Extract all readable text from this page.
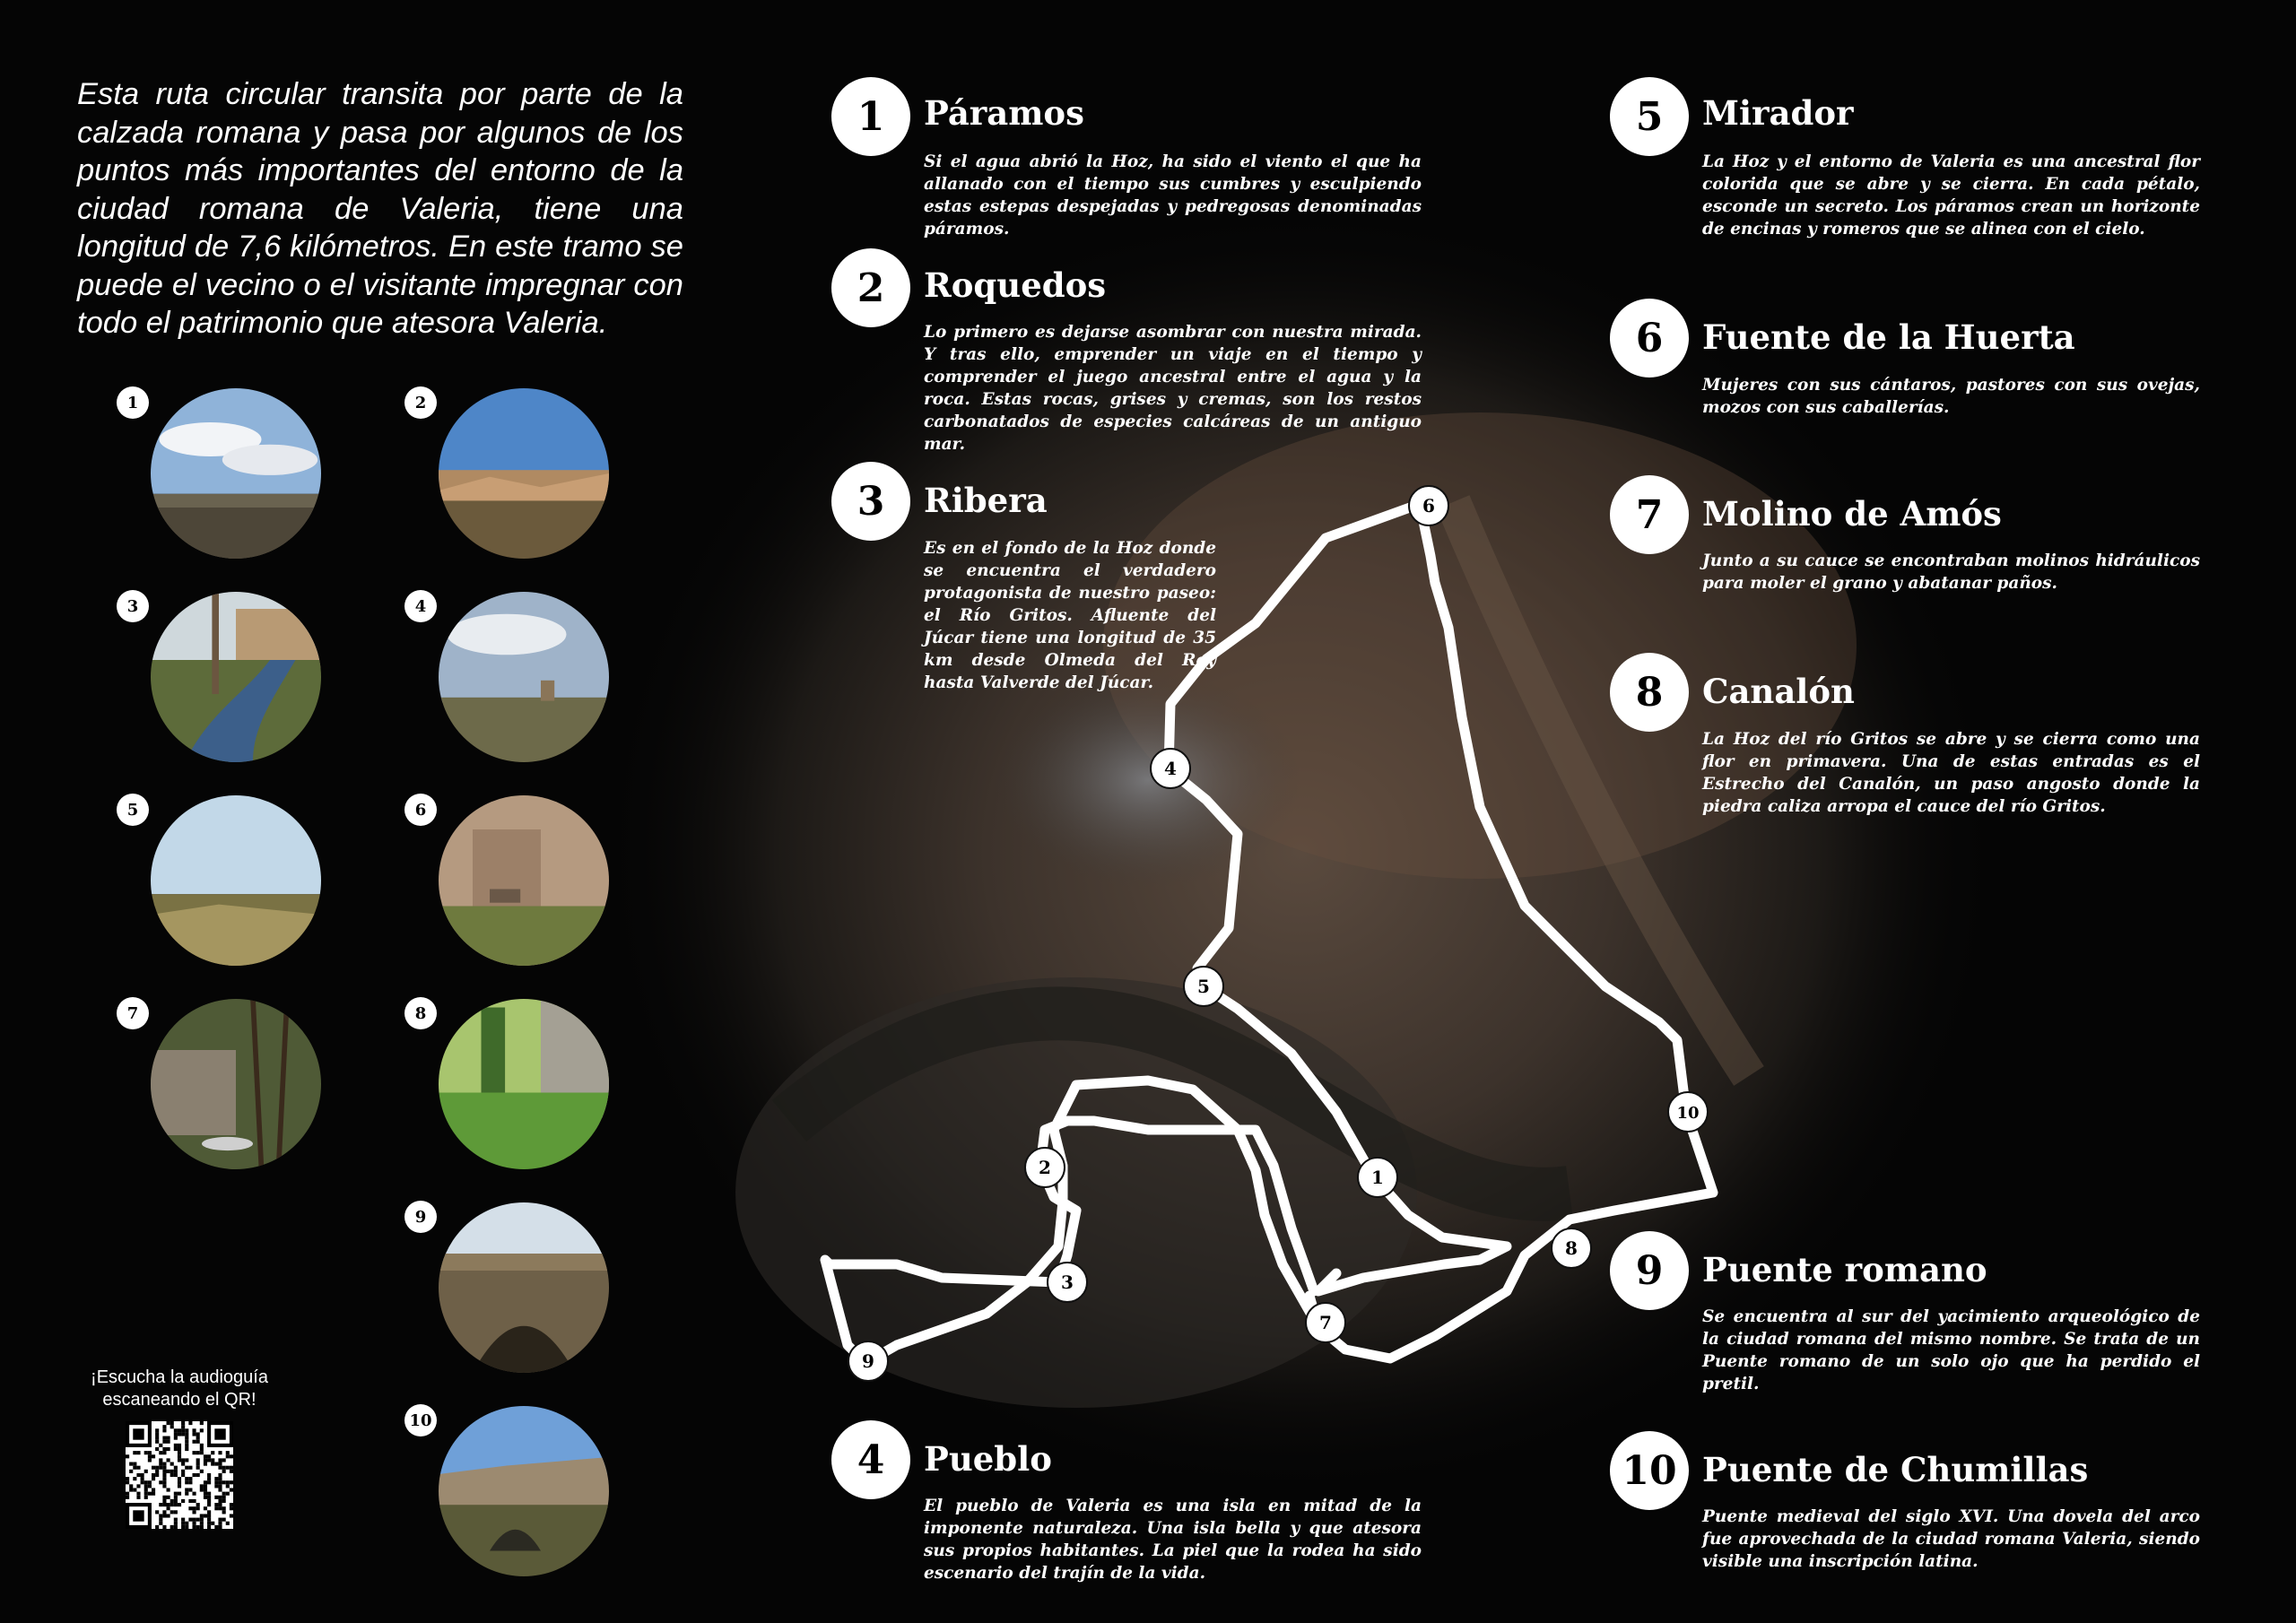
1
2
3
4
5
6
7
8
9
10

Esta ruta circular transita por parte de la calzada romana y pasa por algunos de los puntos más importantes del entorno de la ciudad romana de Valeria, tiene una longitud de 7,6 kilómetros. En este tramo se puede el vecino o el visitante impregnar con todo el patrimonio que atesora Valeria.

1	2
3	4
5	6
7	8
9
10
¡Escucha la audioguía
escaneando el QR!
1	Páramos

Si el agua abrió la Hoz, ha sido el viento el que ha allanado con el tiempo sus cumbres y esculpiendo estas estepas despejadas y pedregosas denominadas páramos.

2	Roquedos

Lo primero es dejarse asombrar con nuestra mirada. Y tras ello, emprender un viaje en el tiempo y comprender el juego ancestral entre el agua y la roca. Estas rocas, grises y cremas, son los restos carbonatados de especies calcáreas de un antiguo mar.

3	Ribera

Es en el fondo de la Hoz donde se encuentra el verdadero protagonista de nuestro paseo: el Río Gritos. Afluente del Júcar tiene una longitud de 35 km desde Olmeda del Rey hasta Valverde del Júcar.

4	Pueblo

El pueblo de Valeria es una isla en mitad de la imponente naturaleza. Una isla bella y que atesora sus propios habitantes. La piel que la rodea ha sido escenario del trajín de la vida.

5	Mirador

La Hoz y el entorno de Valeria es una ancestral flor colorida que se abre y se cierra. En cada pétalo, esconde un secreto. Los páramos crean un horizonte de encinas y romeros que se alinea con el cielo.

6	Fuente de la Huerta

Mujeres con sus cántaros, pastores con sus ovejas, mozos con sus caballerías.

7	Molino de Amós

Junto a su cauce se encontraban molinos hidráulicos para moler el grano y abatanar paños.

8	Canalón

La Hoz del río Gritos se abre y se cierra como una flor en primavera. Una de estas entradas es el Estrecho del Canalón, un paso angosto donde la piedra caliza arropa el cauce del río Gritos.

9	Puente romano

Se encuentra al sur del yacimiento arqueológico de la ciudad romana del mismo nombre. Se trata de un Puente romano de un solo ojo que ha perdido el pretil.

10 Puente de Chumillas

Puente medieval del siglo XVI. Una dovela del arco fue aprovechada de la ciudad romana Valeria, siendo visible una inscripción latina.
